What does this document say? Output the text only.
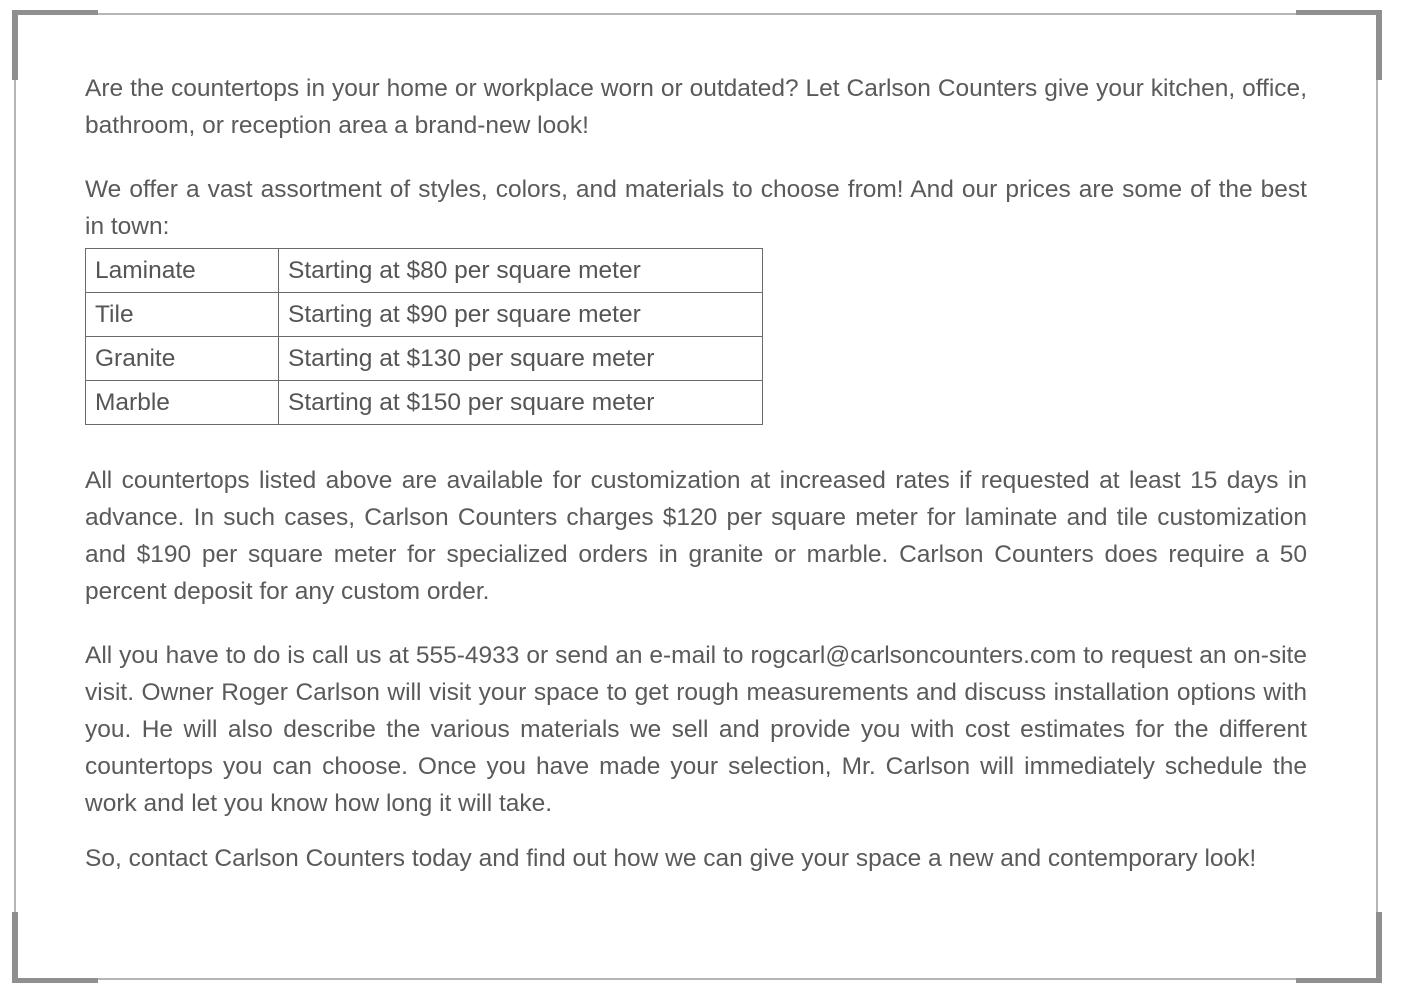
Are the countertops in your home or workplace worn or outdated? Let Carlson Counters give your kitchen, office, bathroom, or reception area a brand-new look!

We offer a vast assortment of styles, colors, and materials to choose from! And our prices are some of the best in town:

Laminate	Starting at $80 per square meter
Tile	Starting at $90 per square meter
Granite	Starting at $130 per square meter
Marble	Starting at $150 per square meter

All countertops listed above are available for customization at increased rates if requested at least 15 days in advance. In such cases, Carlson Counters charges $120 per square meter for laminate and tile customization and $190 per square meter for specialized orders in granite or marble. Carlson Counters does require a 50 percent deposit for any custom order.

All you have to do is call us at 555-4933 or send an e-mail to rogcarl@carlsoncounters.com to request an on-site visit. Owner Roger Carlson will visit your space to get rough measurements and discuss installation options with you. He will also describe the various materials we sell and provide you with cost estimates for the different countertops you can choose. Once you have made your selection, Mr. Carlson will immediately schedule the work and let you know how long it will take.

So, contact Carlson Counters today and find out how we can give your space a new and contemporary look!
